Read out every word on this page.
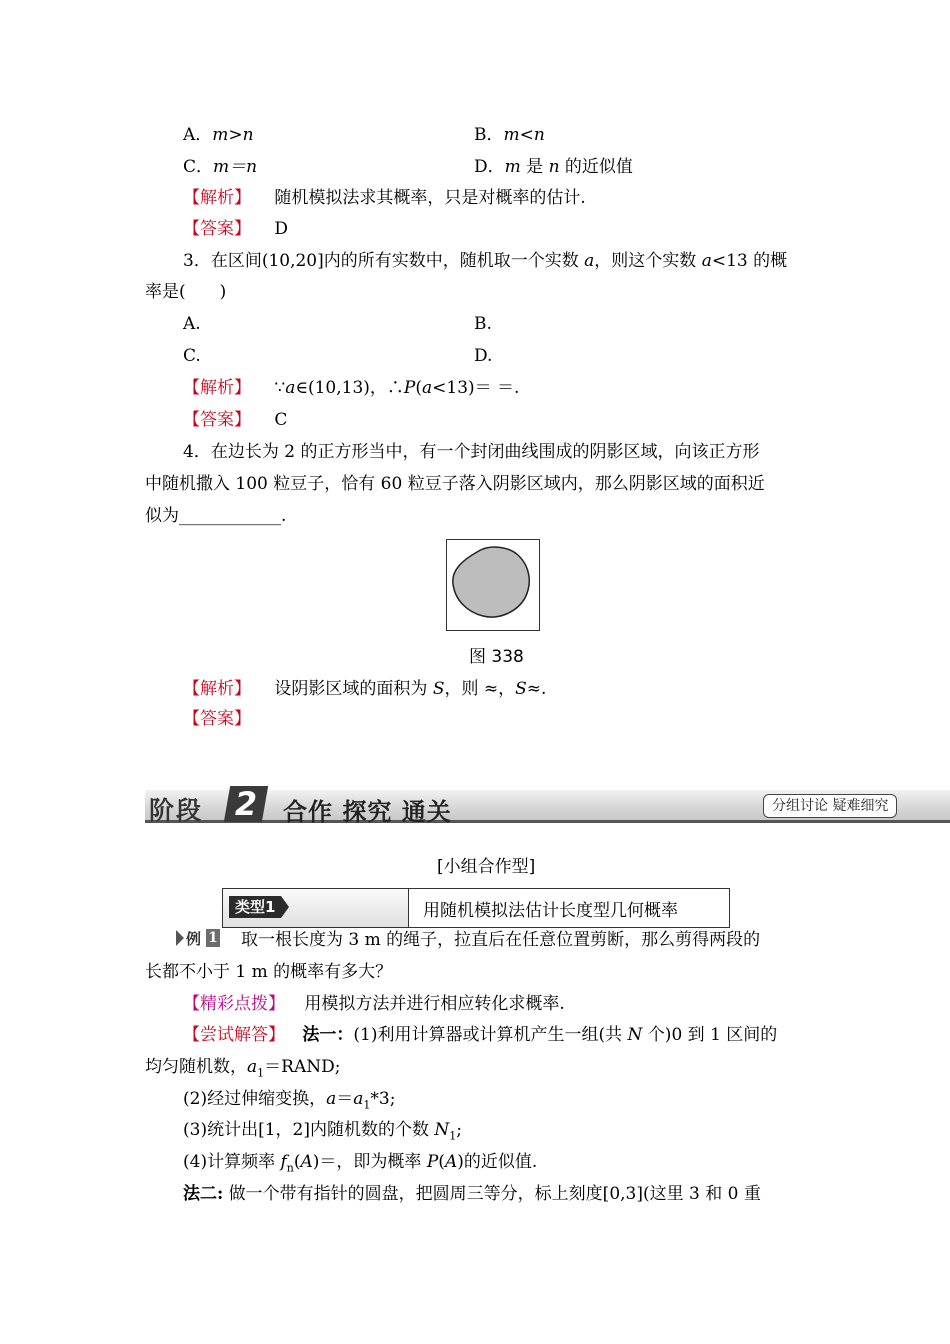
A．m>n	B．m<n
C．m＝n	D．m 是 n 的近似值
【解析】 随机模拟法求其概率，只是对概率的估计.
【答案】 D
3．在区间(10,20]内的所有实数中，随机取一个实数 a，则这个实数 a<13 的概
率是(　　)
A.	B.
C.	D.
【解析】 ∵a∈(10,13)，∴P(a<13)＝ ＝.
【答案】 C
4．在边长为 2 的正方形当中，有一个封闭曲线围成的阴影区域，向该正方形
中随机撒入 100 粒豆子，恰有 60 粒豆子落入阴影区域内，那么阴影区域的面积近
似为____________.
图 338
【解析】 设阴影区域的面积为 S，则 ≈，S≈.
【答案】
阶段 2	合作 探究 通关	分组讨论 疑难细究
[小组合作型]
类型1	用随机模拟法估计长度型几何概率
例 1 取一根长度为 3 m 的绳子，拉直后在任意位置剪断，那么剪得两段的
长都不小于 1 m 的概率有多大？
【精彩点拨】 用模拟方法并进行相应转化求概率.
【尝试解答】 法一：(1)利用计算器或计算机产生一组(共 N 个)0 到 1 区间的
均匀随机数，$a_1=RAND$;
(2)经过伸缩变换，$a=a_1*3$;
(3)统计出[1，2]内随机数的个数 $N_1$;
(4)计算频率 $f_n(A)=$，即为概率 P(A)的近似值.
法二: 做一个带有指针的圆盘，把圆周三等分，标上刻度[0,3](这里 3 和 0 重
